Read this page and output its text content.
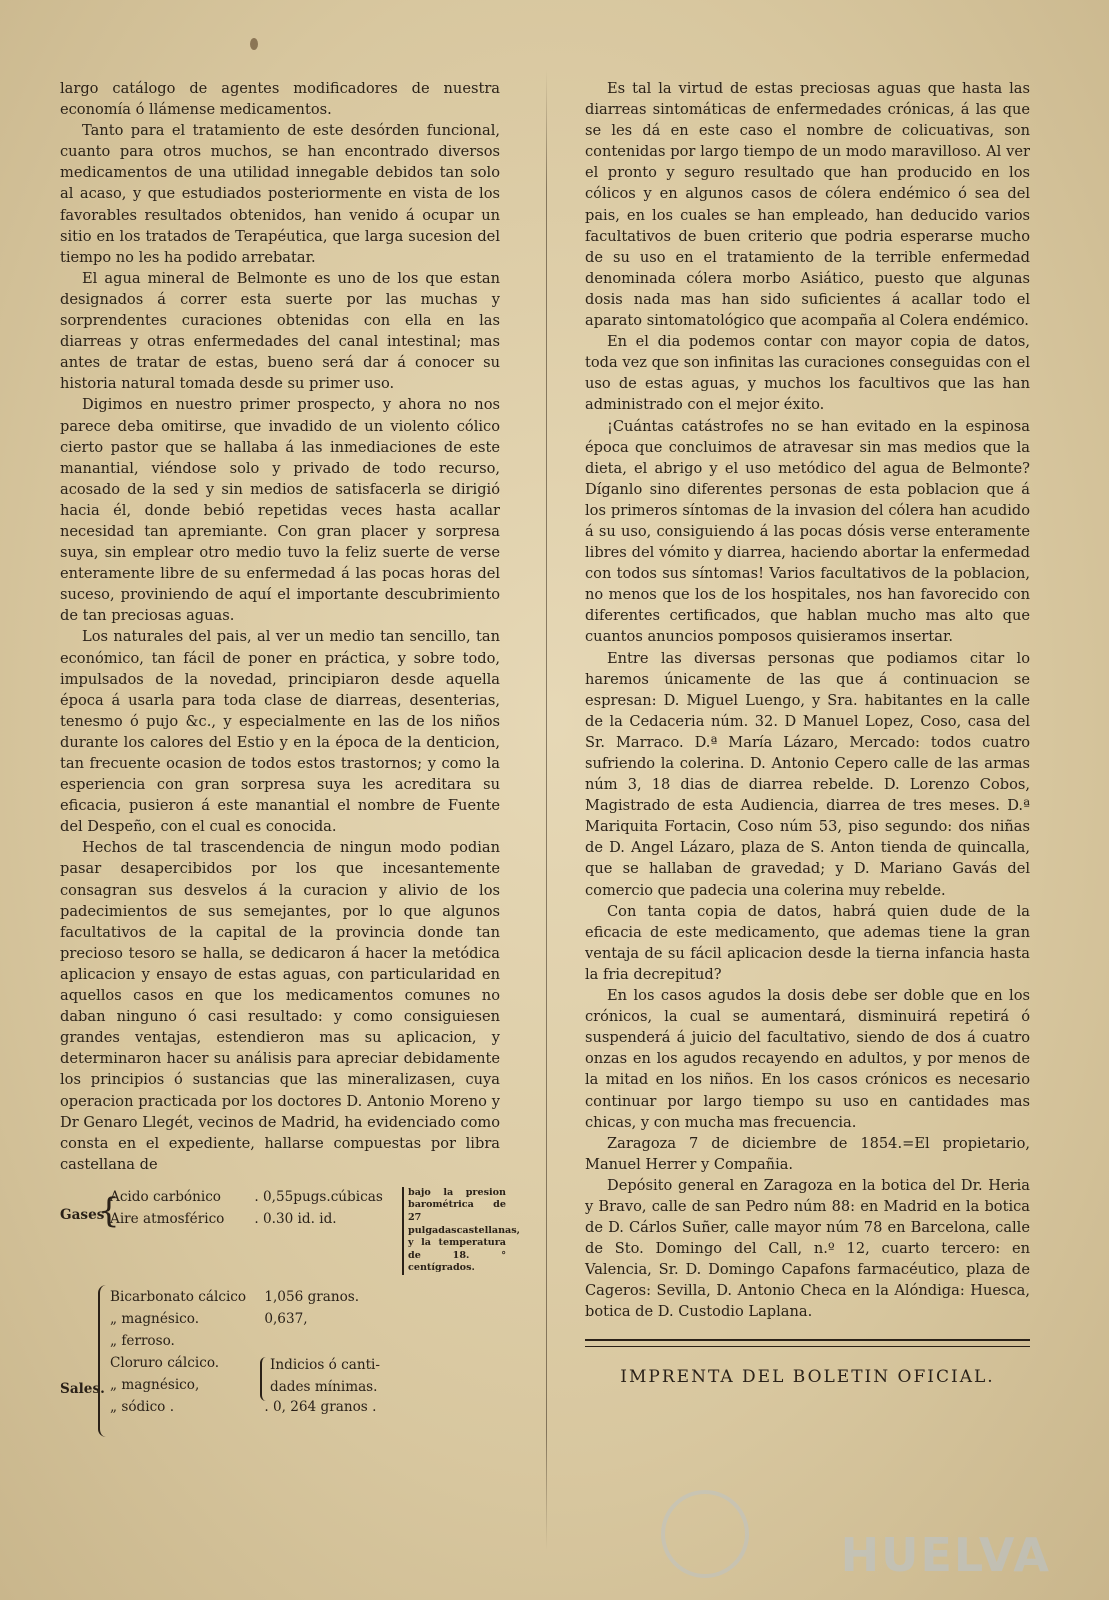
largo catálogo de agentes modificadores de nuestra economía ó llámense medicamentos.

Tanto para el tratamiento de este desórden funcional, cuanto para otros muchos, se han encontrado diversos medicamentos de una utilidad innegable debidos tan solo al acaso, y que estudiados posteriormente en vista de los favorables resultados obtenidos, han venido á ocupar un sitio en los tratados de Terapéutica, que larga sucesion del tiempo no les ha podido arrebatar.

El agua mineral de Belmonte es uno de los que estan designados á correr esta suerte por las muchas y sorprendentes curaciones obtenidas con ella en las diarreas y otras enfermedades del canal intestinal; mas antes de tratar de estas, bueno será dar á conocer su historia natural tomada desde su primer uso.

Digimos en nuestro primer prospecto, y ahora no nos parece deba omitirse, que invadido de un violento cólico cierto pastor que se hallaba á las inmediaciones de este manantial, viéndose solo y privado de todo recurso, acosado de la sed y sin medios de satisfacerla se dirigió hacia él, donde bebió repetidas veces hasta acallar necesidad tan apremiante. Con gran placer y sorpresa suya, sin emplear otro medio tuvo la feliz suerte de verse enteramente libre de su enfermedad á las pocas horas del suceso, proviniendo de aquí el importante descubrimiento de tan preciosas aguas.

Los naturales del pais, al ver un medio tan sencillo, tan económico, tan fácil de poner en práctica, y sobre todo, impulsados de la novedad, principiaron desde aquella época á usarla para toda clase de diarreas, desenterias, tenesmo ó pujo &c., y especialmente en las de los niños durante los calores del Estio y en la época de la denticion, tan frecuente ocasion de todos estos trastornos; y como la esperiencia con gran sorpresa suya les acreditara su eficacia, pusieron á este manantial el nombre de Fuente del Despeño, con el cual es conocida.

Hechos de tal trascendencia de ningun modo podian pasar desapercibidos por los que incesantemente consagran sus desvelos á la curacion y alivio de los padecimientos de sus semejantes, por lo que algunos facultativos de la capital de la provincia donde tan precioso tesoro se halla, se dedicaron á hacer la metódica aplicacion y ensayo de estas aguas, con particularidad en aquellos casos en que los medicamentos comunes no daban ninguno ó casi resultado: y como consiguiesen grandes ventajas, estendieron mas su aplicacion, y determinaron hacer su análisis para apreciar debidamente los principios ó sustancias que las mineralizasen, cuya operacion practicada por los doctores D. Antonio Moreno y Dr Genaro Llegét, vecinos de Madrid, ha evidenciado como consta en el expediente, hallarse compuestas por libra castellana de

Gases
{
Acido carbónico . 0,55pugs.cúbicas
Aire atmosférico . 0.30 id. id.
bajo la presion barométrica de 27 pulgadascastellanas, y la temperatura de 18. ° centígrados.
Sales.
Bicarbonato cálcico 1,056 granos.
„ magnésico.	0,637,
„ ferroso.
Cloruro cálcico.
„ magnésico,
„ sódico .	. 0, 264 granos .
Indicios ó canti-
dades mínimas.

Es tal la virtud de estas preciosas aguas que hasta las diarreas sintomáticas de enfermedades crónicas, á las que se les dá en este caso el nombre de colicuativas, son contenidas por largo tiempo de un modo maravilloso. Al ver el pronto y seguro resultado que han producido en los cólicos y en algunos casos de cólera endémico ó sea del pais, en los cuales se han empleado, han deducido varios facultativos de buen criterio que podria esperarse mucho de su uso en el tratamiento de la terrible enfermedad denominada cólera morbo Asiático, puesto que algunas dosis nada mas han sido suficientes á acallar todo el aparato sintomatológico que acompaña al Colera endémico.

En el dia podemos contar con mayor copia de datos, toda vez que son infinitas las curaciones conseguidas con el uso de estas aguas, y muchos los facultivos que las han administrado con el mejor éxito.

¡Cuántas catástrofes no se han evitado en la espinosa época que concluimos de atravesar sin mas medios que la dieta, el abrigo y el uso metódico del agua de Belmonte? Díganlo sino diferentes personas de esta poblacion que á los primeros síntomas de la invasion del cólera han acudido á su uso, consiguiendo á las pocas dósis verse enteramente libres del vómito y diarrea, haciendo abortar la enfermedad con todos sus síntomas! Varios facultativos de la poblacion, no menos que los de los hospitales, nos han favorecido con diferentes certificados, que hablan mucho mas alto que cuantos anuncios pomposos quisieramos insertar.

Entre las diversas personas que podiamos citar lo haremos únicamente de las que á continuacion se espresan: D. Miguel Luengo, y Sra. habitantes en la calle de la Cedaceria núm. 32. D Manuel Lopez, Coso, casa del Sr. Marraco. D.ª María Lázaro, Mercado: todos cuatro sufriendo la colerina. D. Antonio Cepero calle de las armas núm 3, 18 dias de diarrea rebelde. D. Lorenzo Cobos, Magistrado de esta Audiencia, diarrea de tres meses. D.ª Mariquita Fortacin, Coso núm 53, piso segundo: dos niñas de D. Angel Lázaro, plaza de S. Anton tienda de quincalla, que se hallaban de gravedad; y D. Mariano Gavás del comercio que padecia una colerina muy rebelde.

Con tanta copia de datos, habrá quien dude de la eficacia de este medicamento, que ademas tiene la gran ventaja de su fácil aplicacion desde la tierna infancia hasta la fria decrepitud?

En los casos agudos la dosis debe ser doble que en los crónicos, la cual se aumentará, disminuirá repetirá ó suspenderá á juicio del facultativo, siendo de dos á cuatro onzas en los agudos recayendo en adultos, y por menos de la mitad en los niños. En los casos crónicos es necesario continuar por largo tiempo su uso en cantidades mas chicas, y con mucha mas frecuencia.

Zaragoza 7 de diciembre de 1854.=El propietario, Manuel Herrer y Compañia.

Depósito general en Zaragoza en la botica del Dr. Heria y Bravo, calle de san Pedro núm 88: en Madrid en la botica de D. Cárlos Suñer, calle mayor núm 78 en Barcelona, calle de Sto. Domingo del Call, n.º 12, cuarto tercero: en Valencia, Sr. D. Domingo Capafons farmacéutico, plaza de Cageros: Sevilla, D. Antonio Checa en la Alóndiga: Huesca, botica de D. Custodio Laplana.

IMPRENTA DEL BOLETIN OFICIAL.
HUELVA
